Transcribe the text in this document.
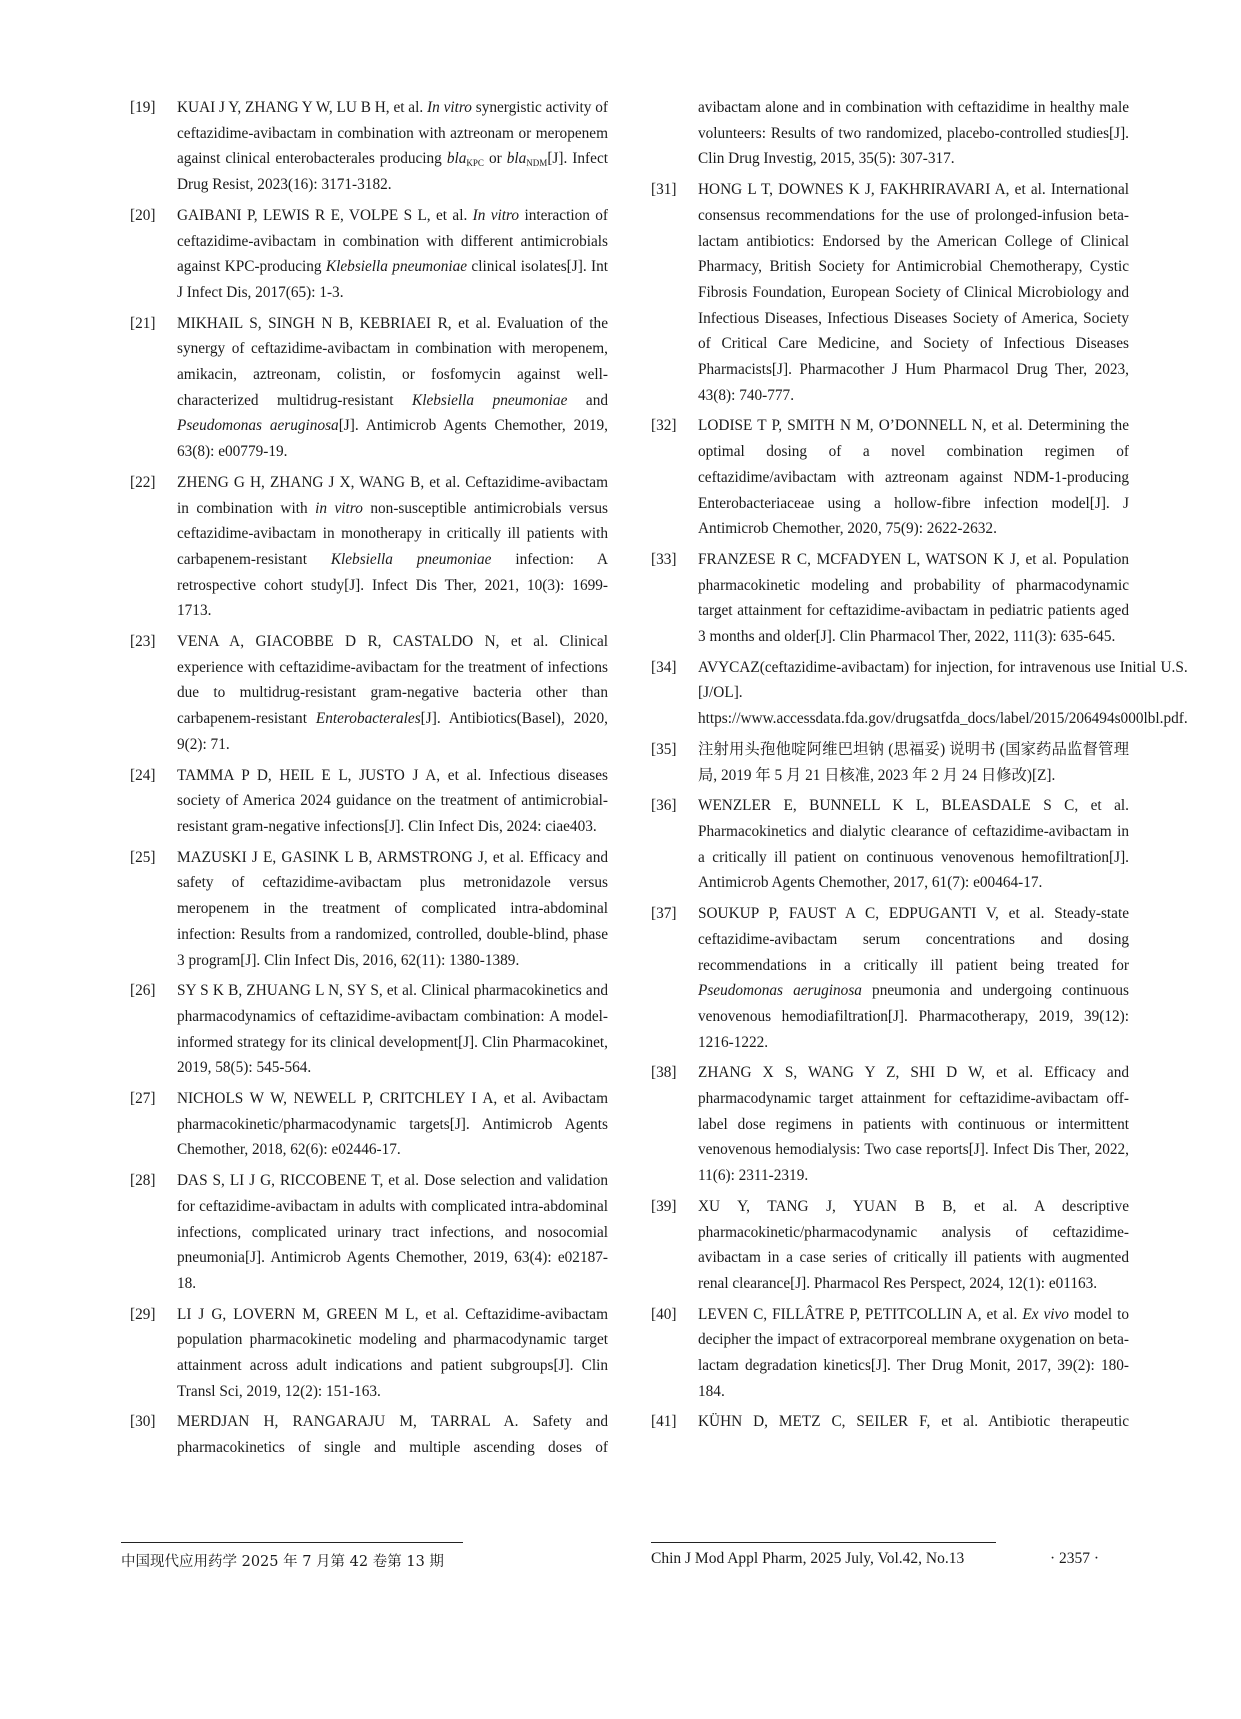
[19]	KUAI J Y, ZHANG Y W, LU B H, et al. In vitro synergistic activity of ceftazidime-avibactam in combination with aztreonam or meropenem against clinical enterobacterales producing bla$_{KPC}$ or bla$_{NDM}$[J]. Infect Drug Resist, 2023(16): 3171-3182.
[20]	GAIBANI P, LEWIS R E, VOLPE S L, et al. In vitro interaction of ceftazidime-avibactam in combination with different antimicrobials against KPC-producing Klebsiella pneumoniae clinical isolates[J]. Int J Infect Dis, 2017(65): 1-3.
[21]	MIKHAIL S, SINGH N B, KEBRIAEI R, et al. Evaluation of the synergy of ceftazidime-avibactam in combination with meropenem, amikacin, aztreonam, colistin, or fosfomycin against well-characterized multidrug-resistant Klebsiella pneumoniae and Pseudomonas aeruginosa[J]. Antimicrob Agents Chemother, 2019, 63(8): e00779-19.
[22]	ZHENG G H, ZHANG J X, WANG B, et al. Ceftazidime-avibactam in combination with in vitro non-susceptible antimicrobials versus ceftazidime-avibactam in monotherapy in critically ill patients with carbapenem-resistant Klebsiella pneumoniae infection: A retrospective cohort study[J]. Infect Dis Ther, 2021, 10(3): 1699-1713.
[23]	VENA A, GIACOBBE D R, CASTALDO N, et al. Clinical experience with ceftazidime-avibactam for the treatment of infections due to multidrug-resistant gram-negative bacteria other than carbapenem-resistant Enterobacterales[J]. Antibiotics(Basel), 2020, 9(2): 71.
[24]	TAMMA P D, HEIL E L, JUSTO J A, et al. Infectious diseases society of America 2024 guidance on the treatment of antimicrobial-resistant gram-negative infections[J]. Clin Infect Dis, 2024: ciae403.
[25]	MAZUSKI J E, GASINK L B, ARMSTRONG J, et al. Efficacy and safety of ceftazidime-avibactam plus metronidazole versus meropenem in the treatment of complicated intra-abdominal infection: Results from a randomized, controlled, double-blind, phase 3 program[J]. Clin Infect Dis, 2016, 62(11): 1380-1389.
[26]	SY S K B, ZHUANG L N, SY S, et al. Clinical pharmacokinetics and pharmacodynamics of ceftazidime-avibactam combination: A model-informed strategy for its clinical development[J]. Clin Pharmacokinet, 2019, 58(5): 545-564.
[27]	NICHOLS W W, NEWELL P, CRITCHLEY I A, et al. Avibactam pharmacokinetic/pharmacodynamic targets[J]. Antimicrob Agents Chemother, 2018, 62(6): e02446-17.
[28]	DAS S, LI J G, RICCOBENE T, et al. Dose selection and validation for ceftazidime-avibactam in adults with complicated intra-abdominal infections, complicated urinary tract infections, and nosocomial pneumonia[J]. Antimicrob Agents Chemother, 2019, 63(4): e02187-18.
[29]	LI J G, LOVERN M, GREEN M L, et al. Ceftazidime-avibactam population pharmacokinetic modeling and pharmacodynamic target attainment across adult indications and patient subgroups[J]. Clin Transl Sci, 2019, 12(2): 151-163.
[30]	MERDJAN H, RANGARAJU M, TARRAL A. Safety and pharmacokinetics of single and multiple ascending doses of
avibactam alone and in combination with ceftazidime in healthy male volunteers: Results of two randomized, placebo-controlled studies[J]. Clin Drug Investig, 2015, 35(5): 307-317.
[31]	HONG L T, DOWNES K J, FAKHRIRAVARI A, et al. International consensus recommendations for the use of prolonged-infusion beta-lactam antibiotics: Endorsed by the American College of Clinical Pharmacy, British Society for Antimicrobial Chemotherapy, Cystic Fibrosis Foundation, European Society of Clinical Microbiology and Infectious Diseases, Infectious Diseases Society of America, Society of Critical Care Medicine, and Society of Infectious Diseases Pharmacists[J]. Pharmacother J Hum Pharmacol Drug Ther, 2023, 43(8): 740-777.
[32]	LODISE T P, SMITH N M, O’DONNELL N, et al. Determining the optimal dosing of a novel combination regimen of ceftazidime/avibactam with aztreonam against NDM-1-producing Enterobacteriaceae using a hollow-fibre infection model[J]. J Antimicrob Chemother, 2020, 75(9): 2622-2632.
[33]	FRANZESE R C, MCFADYEN L, WATSON K J, et al. Population pharmacokinetic modeling and probability of pharmacodynamic target attainment for ceftazidime-avibactam in pediatric patients aged 3 months and older[J]. Clin Pharmacol Ther, 2022, 111(3): 635-645.
[34]	AVYCAZ(ceftazidime-avibactam) for injection, for intravenous use Initial U.S. [J/OL]. https://www.accessdata.fda.gov/drugsatfda_docs/label/2015/206494s000lbl.pdf.
[35]	注射用头孢他啶阿维巴坦钠 (思福妥) 说明书 (国家药品监督管理局, 2019 年 5 月 21 日核准, 2023 年 2 月 24 日修改)[Z].
[36]	WENZLER E, BUNNELL K L, BLEASDALE S C, et al. Pharmacokinetics and dialytic clearance of ceftazidime-avibactam in a critically ill patient on continuous venovenous hemofiltration[J]. Antimicrob Agents Chemother, 2017, 61(7): e00464-17.
[37]	SOUKUP P, FAUST A C, EDPUGANTI V, et al. Steady-state ceftazidime-avibactam serum concentrations and dosing recommendations in a critically ill patient being treated for Pseudomonas aeruginosa pneumonia and undergoing continuous venovenous hemodiafiltration[J]. Pharmacotherapy, 2019, 39(12): 1216-1222.
[38]	ZHANG X S, WANG Y Z, SHI D W, et al. Efficacy and pharmacodynamic target attainment for ceftazidime-avibactam off-label dose regimens in patients with continuous or intermittent venovenous hemodialysis: Two case reports[J]. Infect Dis Ther, 2022, 11(6): 2311-2319.
[39]	XU Y, TANG J, YUAN B B, et al. A descriptive pharmacokinetic/pharmacodynamic analysis of ceftazidime-avibactam in a case series of critically ill patients with augmented renal clearance[J]. Pharmacol Res Perspect, 2024, 12(1): e01163.
[40]	LEVEN C, FILLÂTRE P, PETITCOLLIN A, et al. Ex vivo model to decipher the impact of extracorporeal membrane oxygenation on beta-lactam degradation kinetics[J]. Ther Drug Monit, 2017, 39(2): 180-184.
[41]	KÜHN D, METZ C, SEILER F, et al. Antibiotic therapeutic
中国现代应用药学 2025 年 7 月第 42 卷第 13 期	Chin J Mod Appl Pharm, 2025 July, Vol.42, No.13	· 2357 ·
